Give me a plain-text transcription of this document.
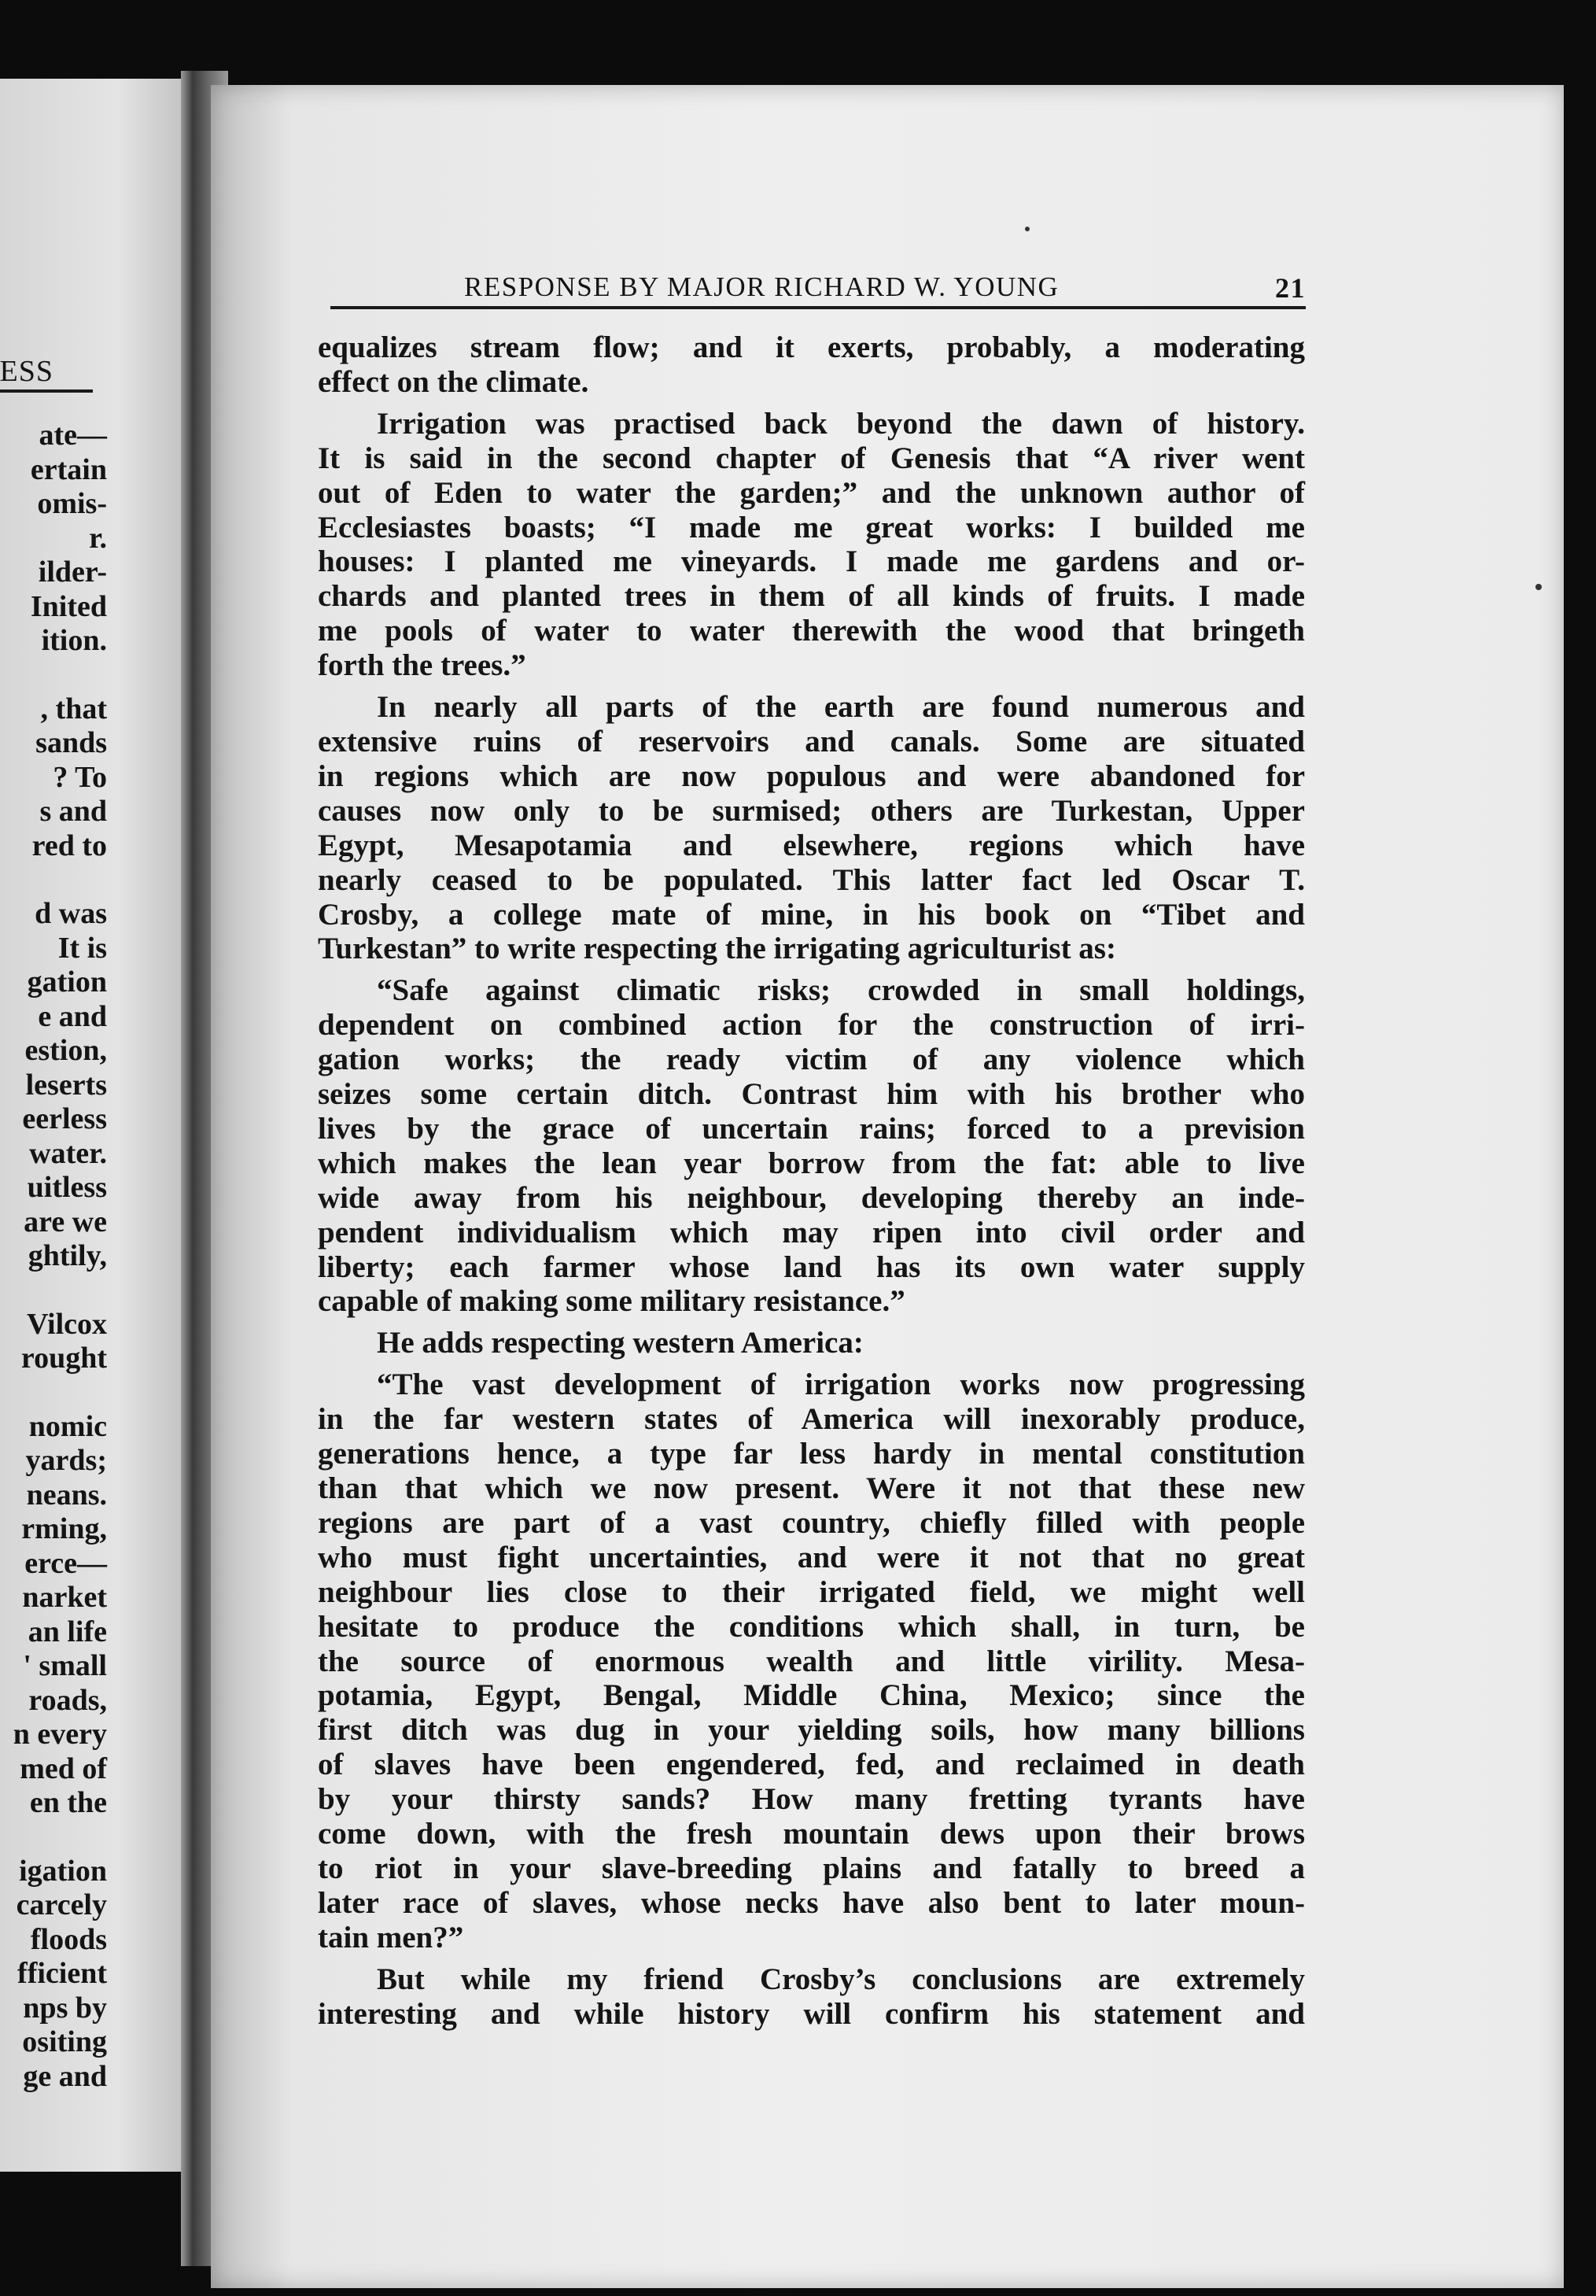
ESS
ate—
ertain
omis-
r.
ilder-
Inited
ition.
, that
sands
? To
s and
red to
d was
It is
gation
e and
estion,
leserts
eerless
water.
uitless
are we
ghtily,
Vilcox
rought
nomic
yards;
neans.
rming,
erce—
narket
an life
' small
roads,
n every
med of
en the
igation
carcely
floods
fficient
nps by
ositing
ge and
RESPONSE BY MAJOR RICHARD W. YOUNG	21

equalizes stream flow; and it exerts, probably, a moderating
effect on the climate.

Irrigation was practised back beyond the dawn of history.
It is said in the second chapter of Genesis that “A river went
out of Eden to water the garden;” and the unknown author of
Ecclesiastes boasts; “I made me great works: I builded me
houses: I planted me vineyards. I made me gardens and or-
chards and planted trees in them of all kinds of fruits. I made
me pools of water to water therewith the wood that bringeth
forth the trees.”

In nearly all parts of the earth are found numerous and
extensive ruins of reservoirs and canals. Some are situated
in regions which are now populous and were abandoned for
causes now only to be surmised; others are Turkestan, Upper
Egypt, Mesapotamia and elsewhere, regions which have
nearly ceased to be populated. This latter fact led Oscar T.
Crosby, a college mate of mine, in his book on “Tibet and
Turkestan” to write respecting the irrigating agriculturist as:

“Safe against climatic risks; crowded in small holdings,
dependent on combined action for the construction of irri-
gation works; the ready victim of any violence which
seizes some certain ditch. Contrast him with his brother who
lives by the grace of uncertain rains; forced to a prevision
which makes the lean year borrow from the fat: able to live
wide away from his neighbour, developing thereby an inde-
pendent individualism which may ripen into civil order and
liberty; each farmer whose land has its own water supply
capable of making some military resistance.”

He adds respecting western America:

“The vast development of irrigation works now progressing
in the far western states of America will inexorably produce,
generations hence, a type far less hardy in mental constitution
than that which we now present. Were it not that these new
regions are part of a vast country, chiefly filled with people
who must fight uncertainties, and were it not that no great
neighbour lies close to their irrigated field, we might well
hesitate to produce the conditions which shall, in turn, be
the source of enormous wealth and little virility. Mesa-
potamia, Egypt, Bengal, Middle China, Mexico; since the
first ditch was dug in your yielding soils, how many billions
of slaves have been engendered, fed, and reclaimed in death
by your thirsty sands? How many fretting tyrants have
come down, with the fresh mountain dews upon their brows
to riot in your slave-breeding plains and fatally to breed a
later race of slaves, whose necks have also bent to later moun-
tain men?”

But while my friend Crosby’s conclusions are extremely
interesting and while history will confirm his statement and
